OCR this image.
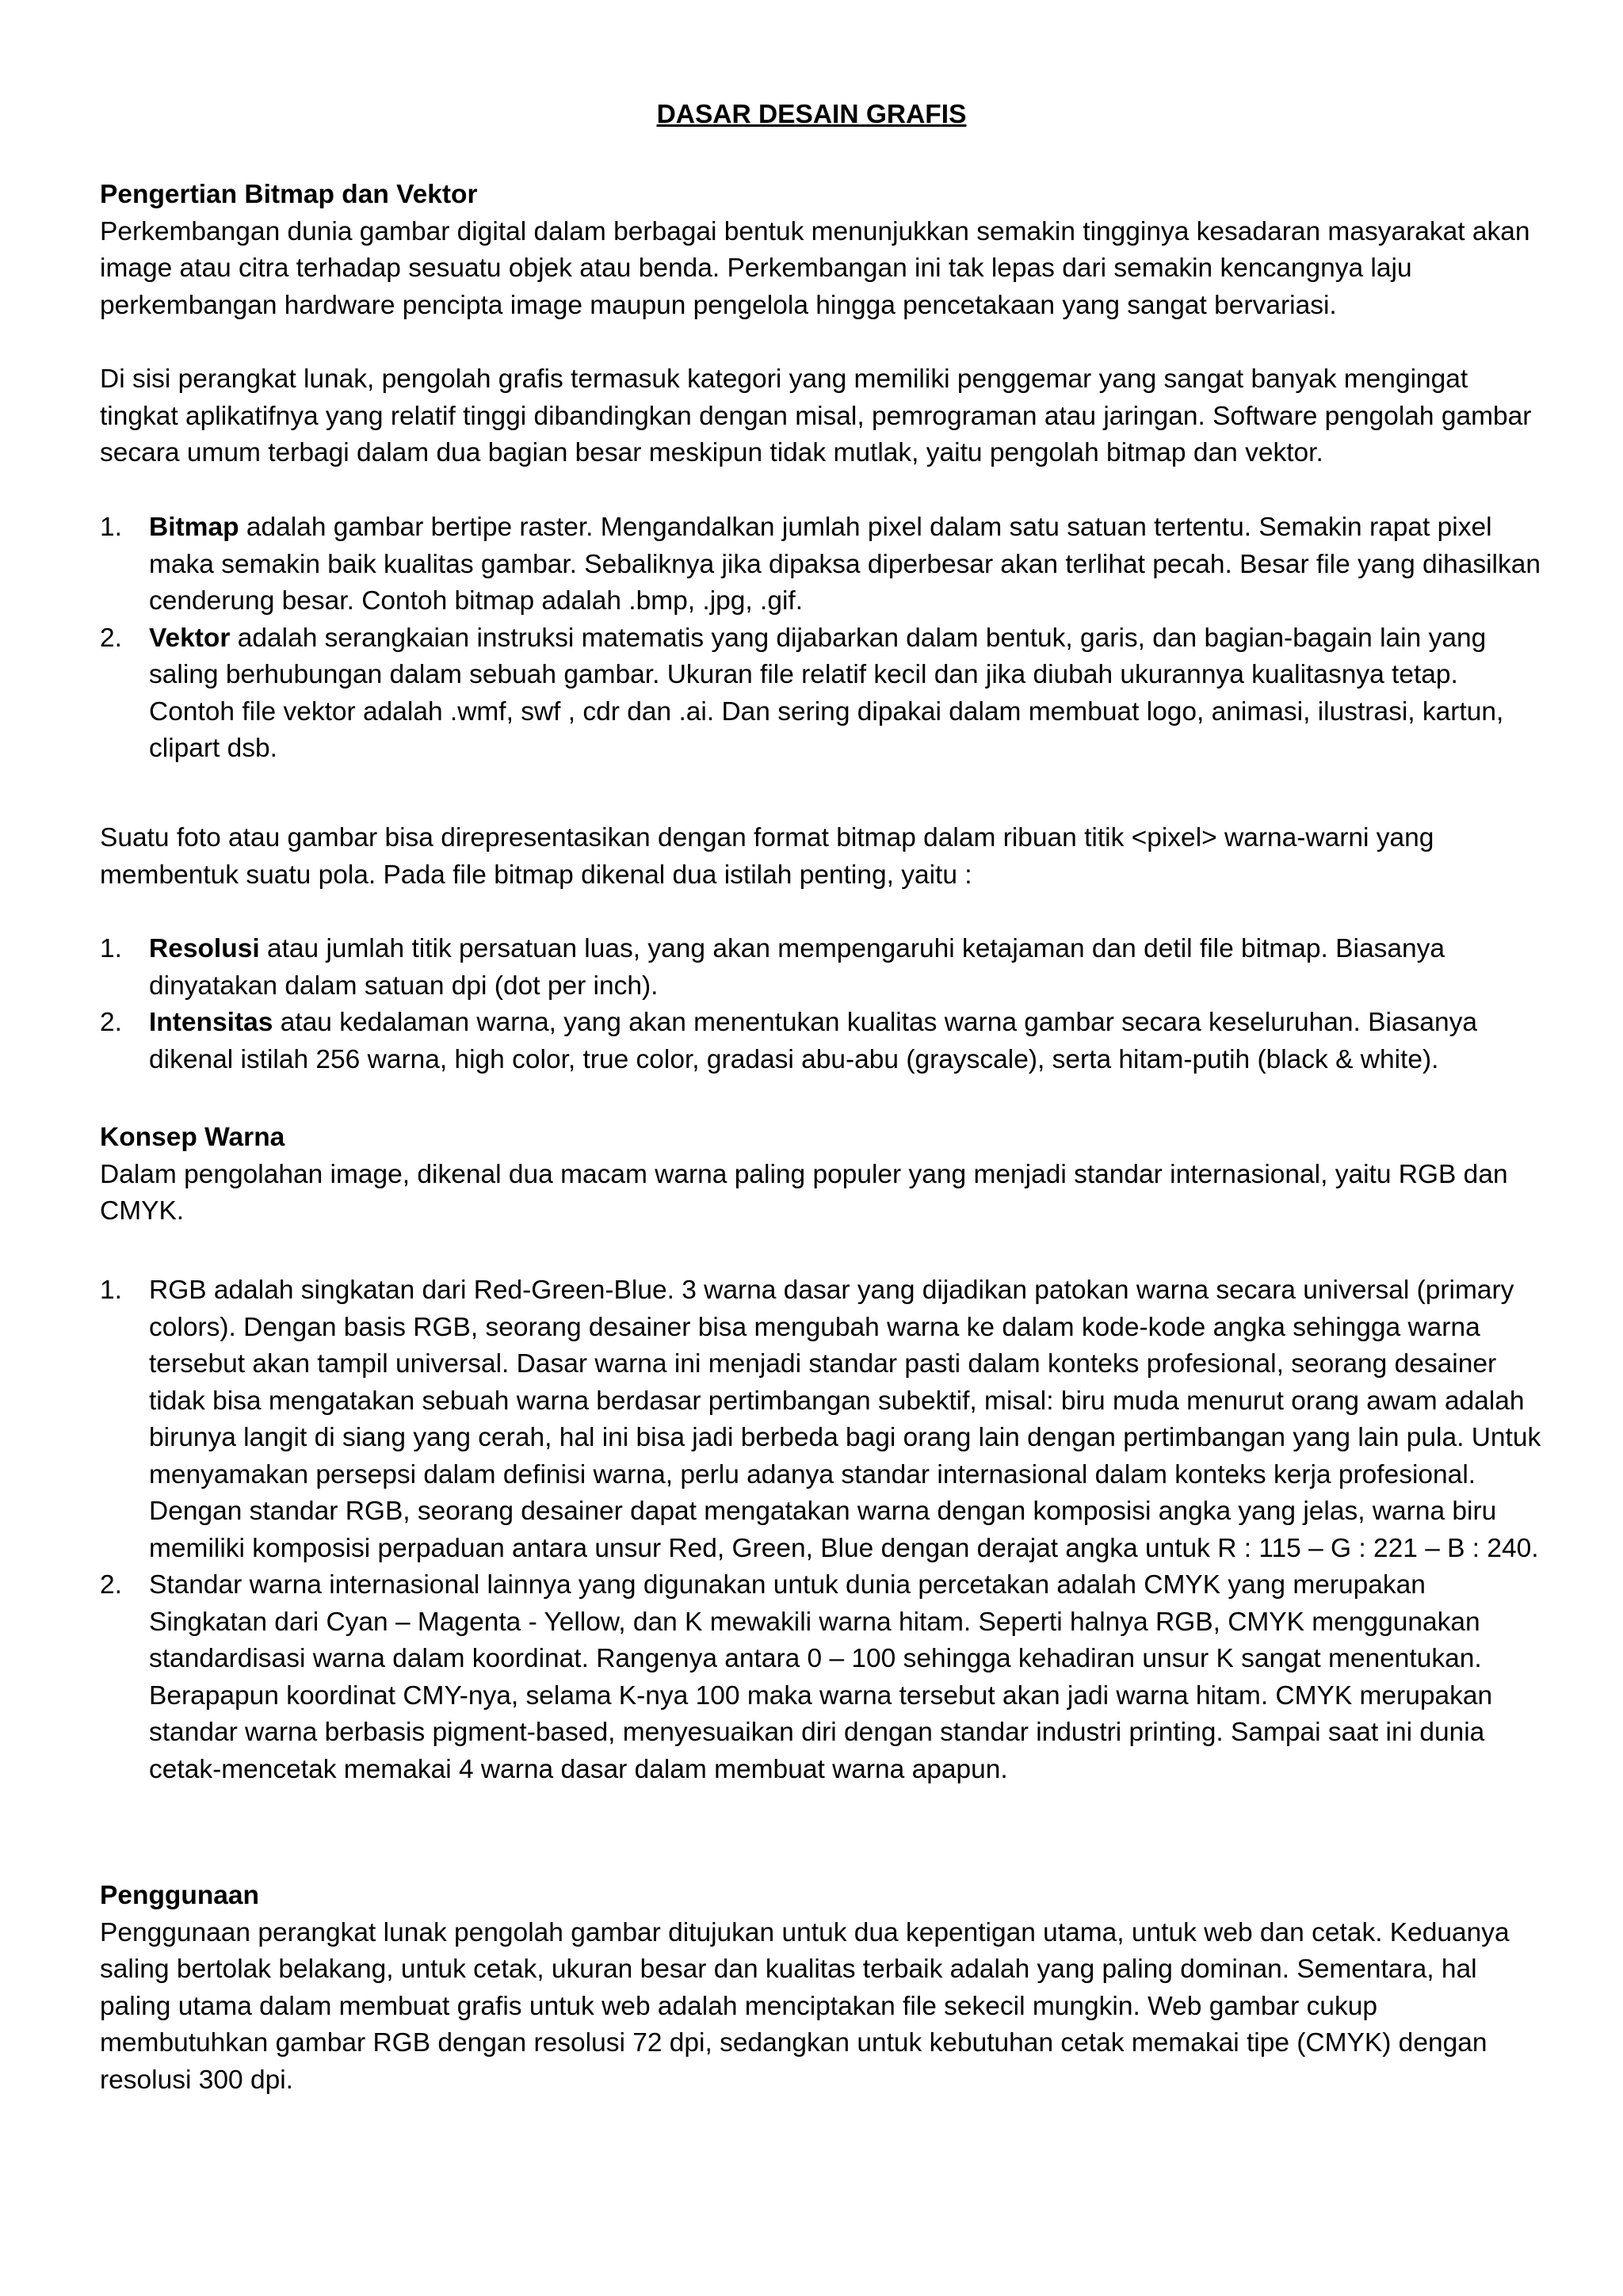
DASAR DESAIN GRAFIS
Pengertian Bitmap dan Vektor

Perkembangan dunia gambar digital dalam berbagai bentuk menunjukkan semakin tingginya kesadaran masyarakat akan image atau citra terhadap sesuatu objek atau benda. Perkembangan ini tak lepas dari semakin kencangnya laju perkembangan hardware pencipta image maupun pengelola hingga pencetakaan yang sangat bervariasi.

Di sisi perangkat lunak, pengolah grafis termasuk kategori yang memiliki penggemar yang sangat banyak mengingat tingkat aplikatifnya yang relatif tinggi dibandingkan dengan misal, pemrograman atau jaringan. Software pengolah gambar secara umum terbagi dalam dua bagian besar meskipun tidak mutlak, yaitu pengolah bitmap dan vektor.

1. Bitmap adalah gambar bertipe raster. Mengandalkan jumlah pixel dalam satu satuan tertentu. Semakin rapat pixel maka semakin baik kualitas gambar. Sebaliknya jika dipaksa diperbesar akan terlihat pecah. Besar file yang dihasilkan cenderung besar. Contoh bitmap adalah .bmp, .jpg, .gif.
2. Vektor adalah serangkaian instruksi matematis yang dijabarkan dalam bentuk, garis, dan bagian-bagain lain yang saling berhubungan dalam sebuah gambar. Ukuran file relatif kecil dan jika diubah ukurannya kualitasnya tetap. Contoh file vektor adalah .wmf, swf , cdr dan .ai. Dan sering dipakai dalam membuat logo, animasi, ilustrasi, kartun, clipart dsb.

Suatu foto atau gambar bisa direpresentasikan dengan format bitmap dalam ribuan titik <pixel> warna-warni yang membentuk suatu pola. Pada file bitmap dikenal dua istilah penting, yaitu :

1. Resolusi atau jumlah titik persatuan luas, yang akan mempengaruhi ketajaman dan detil file bitmap. Biasanya dinyatakan dalam satuan dpi (dot per inch).
2. Intensitas atau kedalaman warna, yang akan menentukan kualitas warna gambar secara keseluruhan. Biasanya dikenal istilah 256 warna, high color, true color, gradasi abu-abu (grayscale), serta hitam-putih (black & white).
Konsep Warna

Dalam pengolahan image, dikenal dua macam warna paling populer yang menjadi standar internasional, yaitu RGB dan CMYK.

1. RGB adalah singkatan dari Red-Green-Blue. 3 warna dasar yang dijadikan patokan warna secara universal (primary colors). Dengan basis RGB, seorang desainer bisa mengubah warna ke dalam kode-kode angka sehingga warna tersebut akan tampil universal. Dasar warna ini menjadi standar pasti dalam konteks profesional, seorang desainer tidak bisa mengatakan sebuah warna berdasar pertimbangan subektif, misal: biru muda menurut orang awam adalah birunya langit di siang yang cerah, hal ini bisa jadi berbeda bagi orang lain dengan pertimbangan yang lain pula. Untuk menyamakan persepsi dalam definisi warna, perlu adanya standar internasional dalam konteks kerja profesional. Dengan standar RGB, seorang desainer dapat mengatakan warna dengan komposisi angka yang jelas, warna biru memiliki komposisi perpaduan antara unsur Red, Green, Blue dengan derajat angka untuk R : 115 – G : 221 – B : 240.
2. Standar warna internasional lainnya yang digunakan untuk dunia percetakan adalah CMYK yang merupakan Singkatan dari Cyan – Magenta - Yellow, dan K mewakili warna hitam. Seperti halnya RGB, CMYK menggunakan standardisasi warna dalam koordinat. Rangenya antara 0 – 100 sehingga kehadiran unsur K sangat menentukan. Berapapun koordinat CMY-nya, selama K-nya 100 maka warna tersebut akan jadi warna hitam. CMYK merupakan standar warna berbasis pigment-based, menyesuaikan diri dengan standar industri printing. Sampai saat ini dunia cetak-mencetak memakai 4 warna dasar dalam membuat warna apapun.
Penggunaan

Penggunaan perangkat lunak pengolah gambar ditujukan untuk dua kepentigan utama, untuk web dan cetak. Keduanya saling bertolak belakang, untuk cetak, ukuran besar dan kualitas terbaik adalah yang paling dominan. Sementara, hal paling utama dalam membuat grafis untuk web adalah menciptakan file sekecil mungkin. Web gambar cukup membutuhkan gambar RGB dengan resolusi 72 dpi, sedangkan untuk kebutuhan cetak memakai tipe (CMYK) dengan resolusi 300 dpi.
